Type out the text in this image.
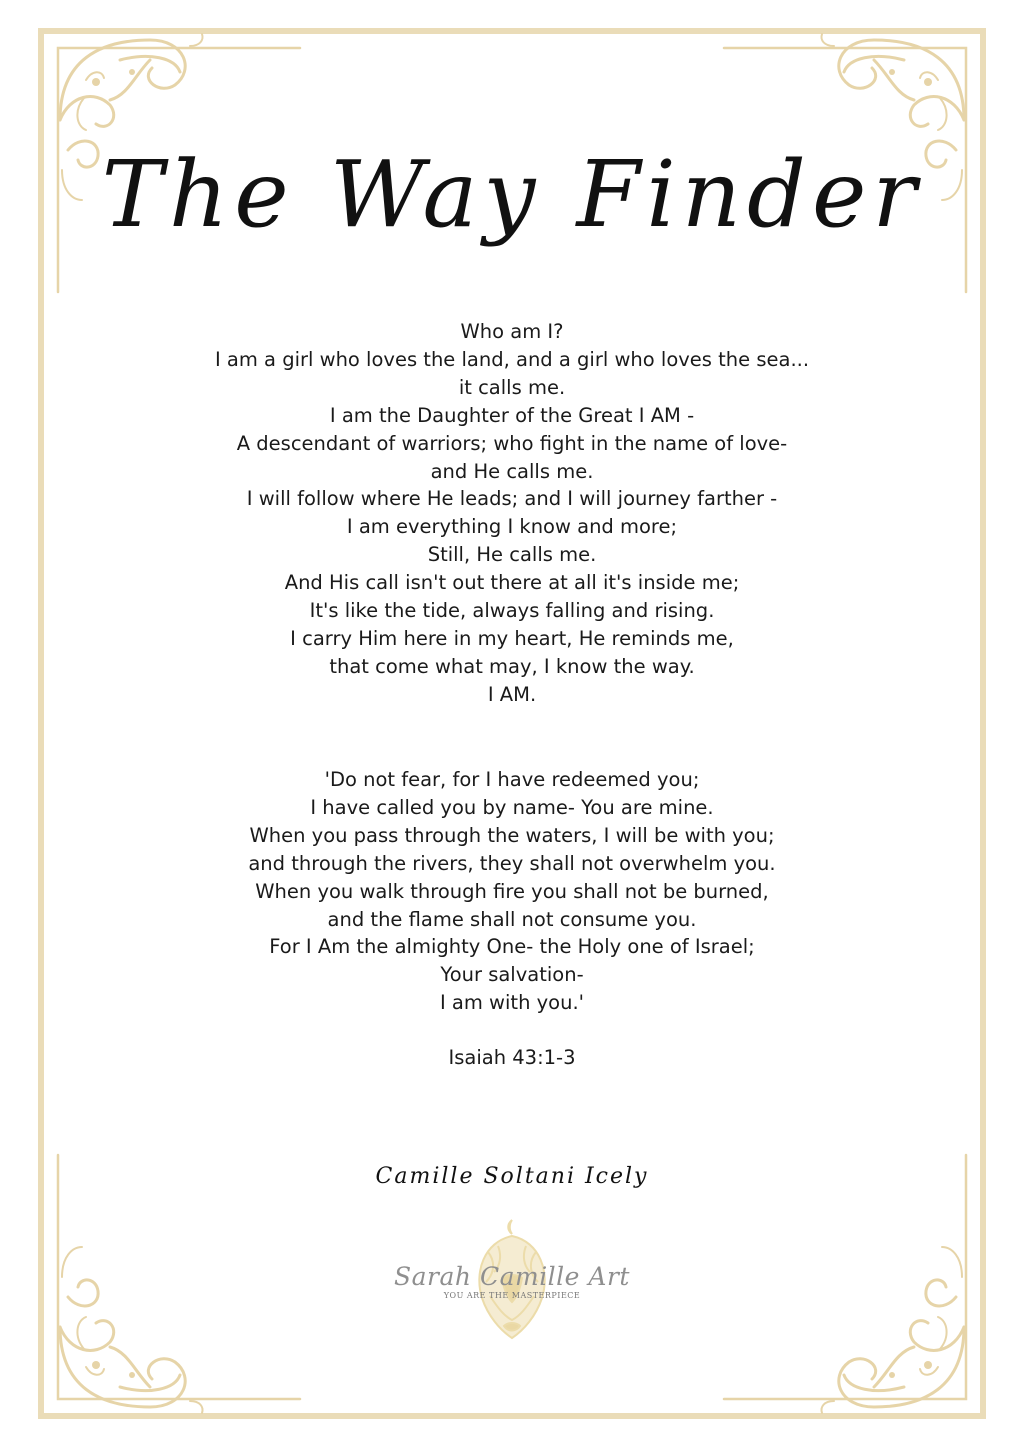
The Way Finder
Who am I?
I am a girl who loves the land, and a girl who loves the sea...
it calls me.
I am the Daughter of the Great I AM -
A descendant of warriors; who fight in the name of love-
and He calls me.
I will follow where He leads; and I will journey farther -
I am everything I know and more;
Still, He calls me.
And His call isn't out there at all it's inside me;
It's like the tide, always falling and rising.
I carry Him here in my heart, He reminds me,
that come what may, I know the way.
I AM.
'Do not fear, for I have redeemed you;
I have called you by name- You are mine.
When you pass through the waters, I will be with you;
and through the rivers, they shall not overwhelm you.
When you walk through fire you shall not be burned,
and the flame shall not consume you.
For I Am the almighty One- the Holy one of Israel;
Your salvation-
I am with you.'
Isaiah 43:1-3
Camille Soltani Icely
Sarah Camille Art
YOU ARE THE MASTERPIECE
